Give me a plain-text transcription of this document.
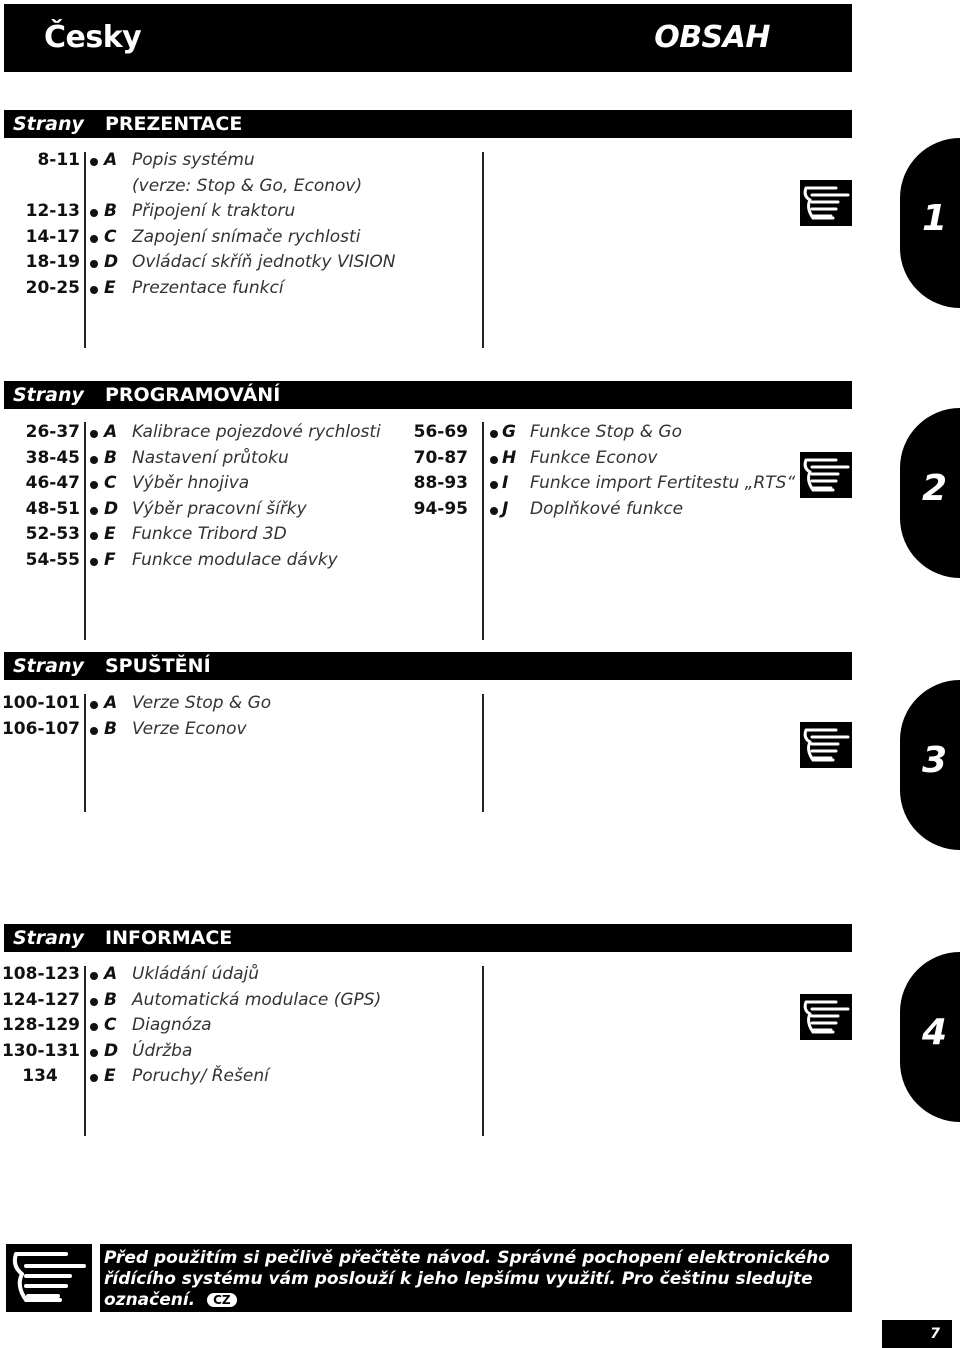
Česky	OBSAH
Strany PREZENTACE
8-11 A Popis systému
(verze: Stop & Go, Econov)
12-13 B Připojení k traktoru
14-17 C Zapojení snímače rychlosti
18-19 D Ovládací skříň jednotky VISION
20-25 E Prezentace funkcí
1
Strany PROGRAMOVÁNÍ
26-37 A Kalibrace pojezdové rychlosti
38-45 B Nastavení průtoku
46-47 C Výběr hnojiva
48-51 D Výběr pracovní šířky
52-53 E Funkce Tribord 3D
54-55 F Funkce modulace dávky
56-69 G Funkce Stop & Go
70-87 H Funkce Econov
88-93 I Funkce import Fertitestu „RTS“
94-95 J Doplňkové funkce	2
Strany SPUŠTĚNÍ
100-101 A Verze Stop & Go
106-107 B Verze Econov
3
Strany INFORMACE
108-123 A Ukládání údajů
124-127 B Automatická modulace (GPS)
128-129 C Diagnóza
130-131 D Údržba
134	E Poruchy/ Řešení
4
Před použitím si pečlivě přečtěte návod. Správné pochopení elektronického řídícího systému vám poslouží k jeho lepšímu využití. Pro češtinu sledujte označení. CZ
7
